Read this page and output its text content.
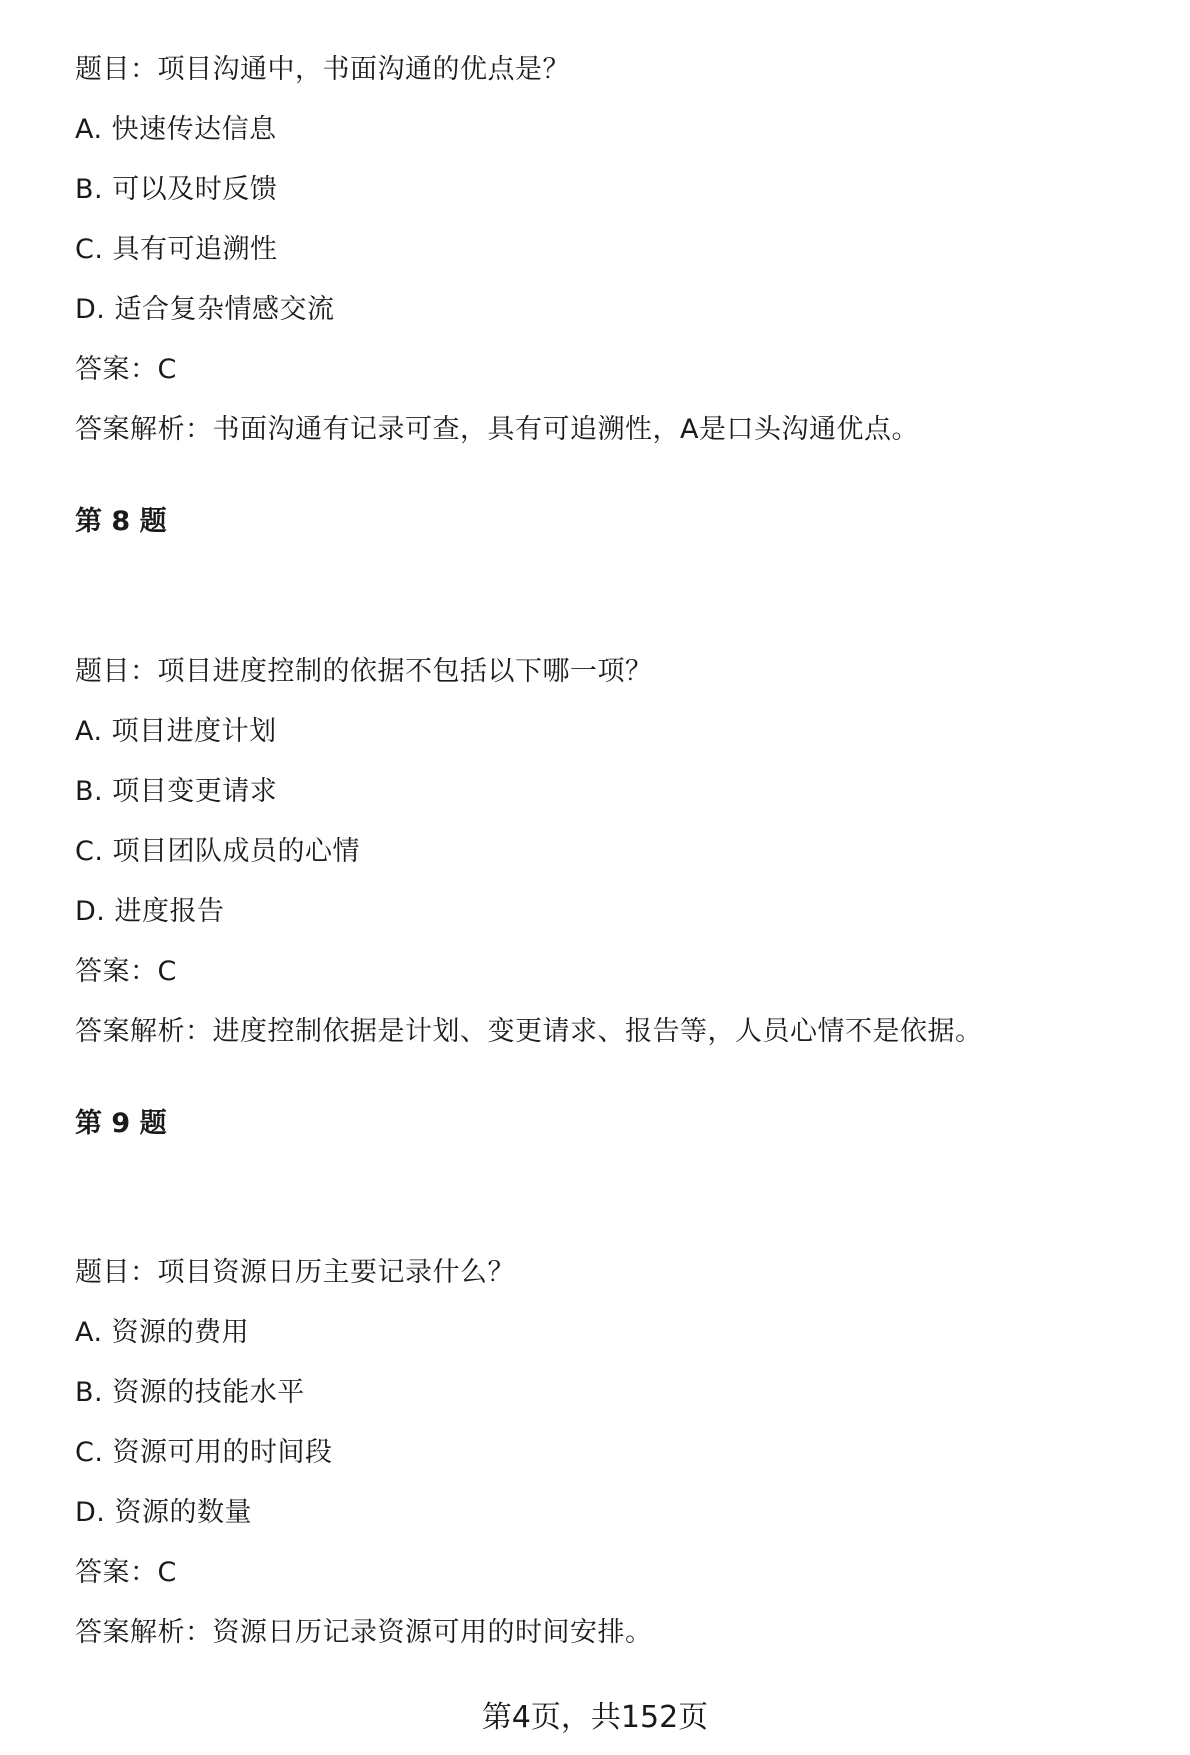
题目：项目沟通中，书面沟通的优点是？
A. 快速传达信息
B. 可以及时反馈
C. 具有可追溯性
D. 适合复杂情感交流
答案：C
答案解析：书面沟通有记录可查，具有可追溯性，A是口头沟通优点。
第 8 题
题目：项目进度控制的依据不包括以下哪一项？
A. 项目进度计划
B. 项目变更请求
C. 项目团队成员的心情
D. 进度报告
答案：C
答案解析：进度控制依据是计划、变更请求、报告等，人员心情不是依据。
第 9 题
题目：项目资源日历主要记录什么？
A. 资源的费用
B. 资源的技能水平
C. 资源可用的时间段
D. 资源的数量
答案：C
答案解析：资源日历记录资源可用的时间安排。
第4页，共152页
